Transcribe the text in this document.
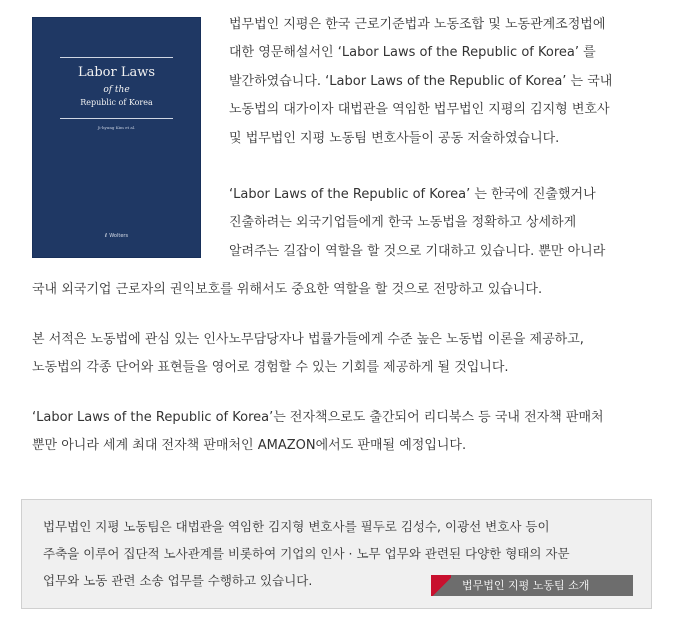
Labor Laws
of the
Republic of Korea
Ji-hyung Kim et al.
ℓ Wolters
법무법인 지평은 한국 근로기준법과 노동조합 및 노동관계조정법에
대한 영문해설서인 ‘Labor Laws of the Republic of Korea’ 를
발간하였습니다. ‘Labor Laws of the Republic of Korea’ 는 국내
노동법의 대가이자 대법관을 역임한 법무법인 지평의 김지형 변호사
및 법무법인 지평 노동팀 변호사들이 공동 저술하였습니다.
‘Labor Laws of the Republic of Korea’ 는 한국에 진출했거나
진출하려는 외국기업들에게 한국 노동법을 정확하고 상세하게
알려주는 길잡이 역할을 할 것으로 기대하고 있습니다. 뿐만 아니라
국내 외국기업 근로자의 권익보호를 위해서도 중요한 역할을 할 것으로 전망하고 있습니다.
본 서적은 노동법에 관심 있는 인사노무담당자나 법률가들에게 수준 높은 노동법 이론을 제공하고,
노동법의 각종 단어와 표현들을 영어로 경험할 수 있는 기회를 제공하게 될 것입니다.
‘Labor Laws of the Republic of Korea’는 전자책으로도 출간되어 리디북스 등 국내 전자책 판매처
뿐만 아니라 세계 최대 전자책 판매처인 AMAZON에서도 판매될 예정입니다.
법무법인 지평 노동팀은 대법관을 역임한 김지형 변호사를 필두로 김성수, 이광선 변호사 등이
주축을 이루어 집단적 노사관계를 비롯하여 기업의 인사 · 노무 업무와 관련된 다양한 형태의 자문
업무와 노동 관련 소송 업무를 수행하고 있습니다.	법무법인 지평 노동팀 소개
